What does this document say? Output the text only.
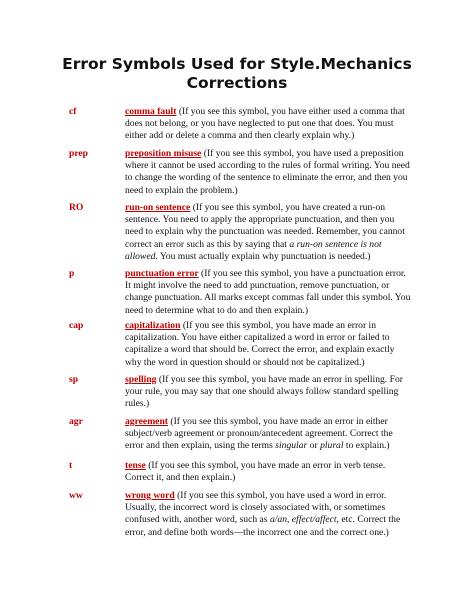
Error Symbols Used for Style.Mechanics
Corrections
cf	comma fault (If you see this symbol, you have either used a comma that does not belong, or you have neglected to put one that does. You must either add or delete a comma and then clearly explain why.)
prep	preposition misuse (If you see this symbol, you have used a preposition where it cannot be used according to the rules of formal writing. You need to change the wording of the sentence to eliminate the error, and then you need to explain the problem.)
RO	run-on sentence (If you see this symbol, you have created a run-on sentence. You need to apply the appropriate punctuation, and then you need to explain why the punctuation was needed. Remember, you cannot correct an error such as this by saying that a run-on sentence is not allowed. You must actually explain why punctuation is needed.)
p	punctuation error (If you see this symbol, you have a punctuation error. It might involve the need to add punctuation, remove punctuation, or change punctuation. All marks except commas fall under this symbol. You need to determine what to do and then explain.)
cap	capitalization (If you see this symbol, you have made an error in capitalization. You have either capitalized a word in error or failed to capitalize a word that should be. Correct the error, and explain exactly why the word in question should or should not be capitalized.)
sp	spelling (If you see this symbol, you have made an error in spelling. For your rule, you may say that one should always follow standard spelling rules.)
agr	agreement (If you see this symbol, you have made an error in either subject/verb agreement or pronoun/antecedent agreement. Correct the error and then explain, using the terms singular or plural to explain.)
t	tense (If you see this symbol, you have made an error in verb tense. Correct it, and then explain.)
ww	wrong word (If you see this symbol, you have used a word in error. Usually, the incorrect word is closely associated with, or sometimes confused with, another word, such as a/an, effect/affect, etc. Correct the error, and define both words—the incorrect one and the correct one.)
